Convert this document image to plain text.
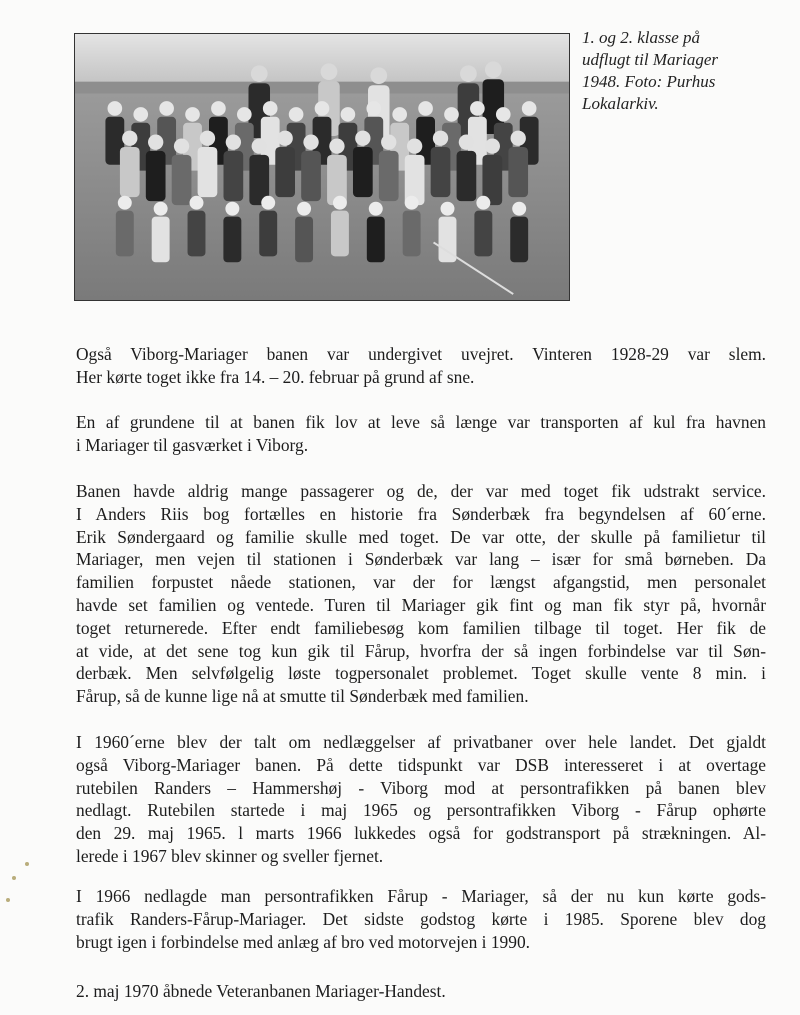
1. og 2. klasse på
udflugt til Mariager
1948. Foto: Purhus
Lokalarkiv.
Også Viborg-Mariager banen var undergivet uvejret. Vinteren 1928-29 var slem.
Her kørte toget ikke fra 14. – 20. februar på grund af sne.
En af grundene til at banen fik lov at leve så længe var transporten af kul fra havnen
i Mariager til gasværket i Viborg.
Banen havde aldrig mange passagerer og de, der var med toget fik udstrakt service.
I Anders Riis bog fortælles en historie fra Sønderbæk fra begyndelsen af 60´erne.
Erik Søndergaard og familie skulle med toget. De var otte, der skulle på familietur til
Mariager, men vejen til stationen i Sønderbæk var lang – især for små børneben. Da
familien forpustet nåede stationen, var der for længst afgangstid, men personalet
havde set familien og ventede. Turen til Mariager gik fint og man fik styr på, hvornår
toget returnerede. Efter endt familiebesøg kom familien tilbage til toget. Her fik de
at vide, at det sene tog kun gik til Fårup, hvorfra der så ingen forbindelse var til Søn-
derbæk. Men selvfølgelig løste togpersonalet problemet. Toget skulle vente 8 min. i
Fårup, så de kunne lige nå at smutte til Sønderbæk med familien.
I 1960´erne blev der talt om nedlæggelser af privatbaner over hele landet. Det gjaldt
også Viborg-Mariager banen. På dette tidspunkt var DSB interesseret i at overtage
rutebilen Randers – Hammershøj - Viborg mod at persontrafikken på banen blev
nedlagt. Rutebilen startede i maj 1965 og persontrafikken Viborg - Fårup ophørte
den 29. maj 1965. l marts 1966 lukkedes også for godstransport på strækningen. Al-
lerede i 1967 blev skinner og sveller fjernet.
I 1966 nedlagde man persontrafikken Fårup - Mariager, så der nu kun kørte gods-
trafik Randers-Fårup-Mariager. Det sidste godstog kørte i 1985. Sporene blev dog
brugt igen i forbindelse med anlæg af bro ved motorvejen i 1990.
2. maj 1970 åbnede Veteranbanen Mariager-Handest.
